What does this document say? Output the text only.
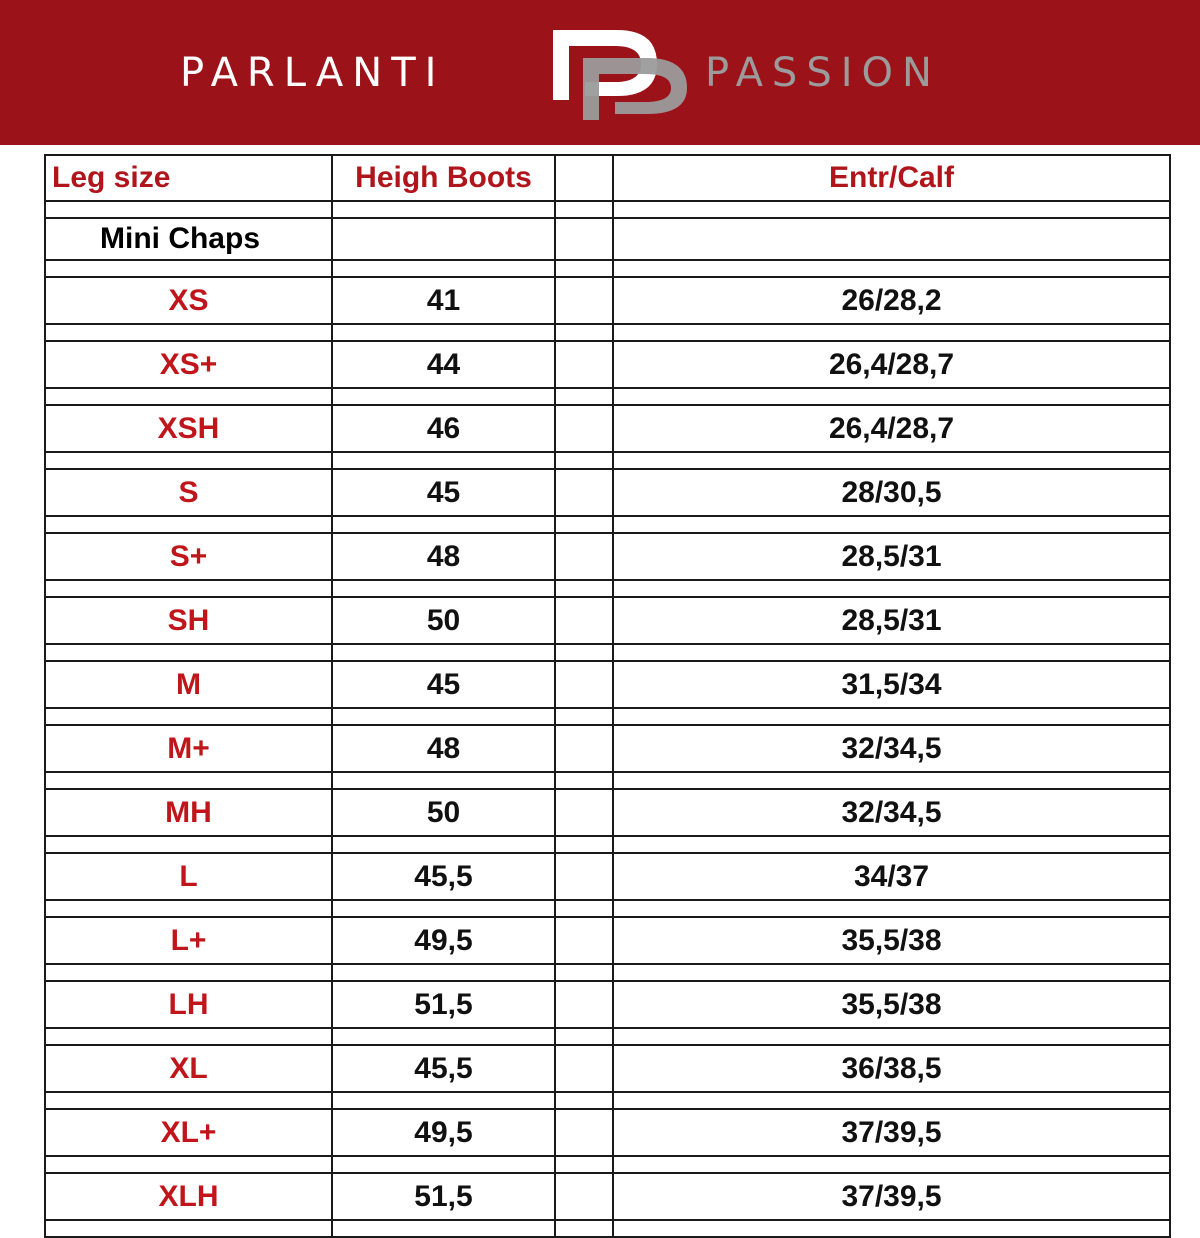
PARLANTI	PASSION
Leg size	Heigh Boots		Entr/Calf

Mini Chaps			

XS	41		26/28,2

XS+	44		26,4/28,7

XSH	46		26,4/28,7

S	45		28/30,5

S+	48		28,5/31

SH	50		28,5/31

M	45		31,5/34

M+	48		32/34,5

MH	50		32/34,5

L	45,5		34/37

L+	49,5		35,5/38

LH	51,5		35,5/38

XL	45,5		36/38,5

XL+	49,5		37/39,5

XLH	51,5		37/39,5
